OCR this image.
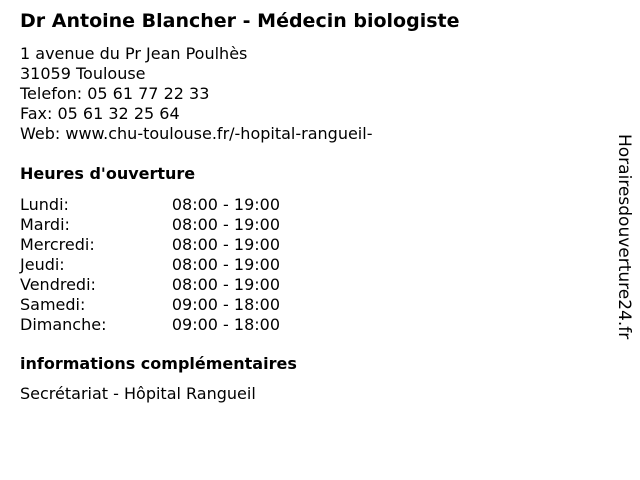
Dr Antoine Blancher - Médecin biologiste
1 avenue du Pr Jean Poulhès
31059 Toulouse
Telefon: 05 61 77 22 33
Fax: 05 61 32 25 64
Web: www.chu-toulouse.fr/-hopital-rangueil-
Heures d'ouverture
Lundi:	08:00 - 19:00
Mardi:	08:00 - 19:00
Mercredi:	08:00 - 19:00
Jeudi:	08:00 - 19:00
Vendredi:	08:00 - 19:00
Samedi:	09:00 - 18:00
Dimanche:	09:00 - 18:00
informations complémentaires
Secrétariat - Hôpital Rangueil
Horairesdouverture24.fr
